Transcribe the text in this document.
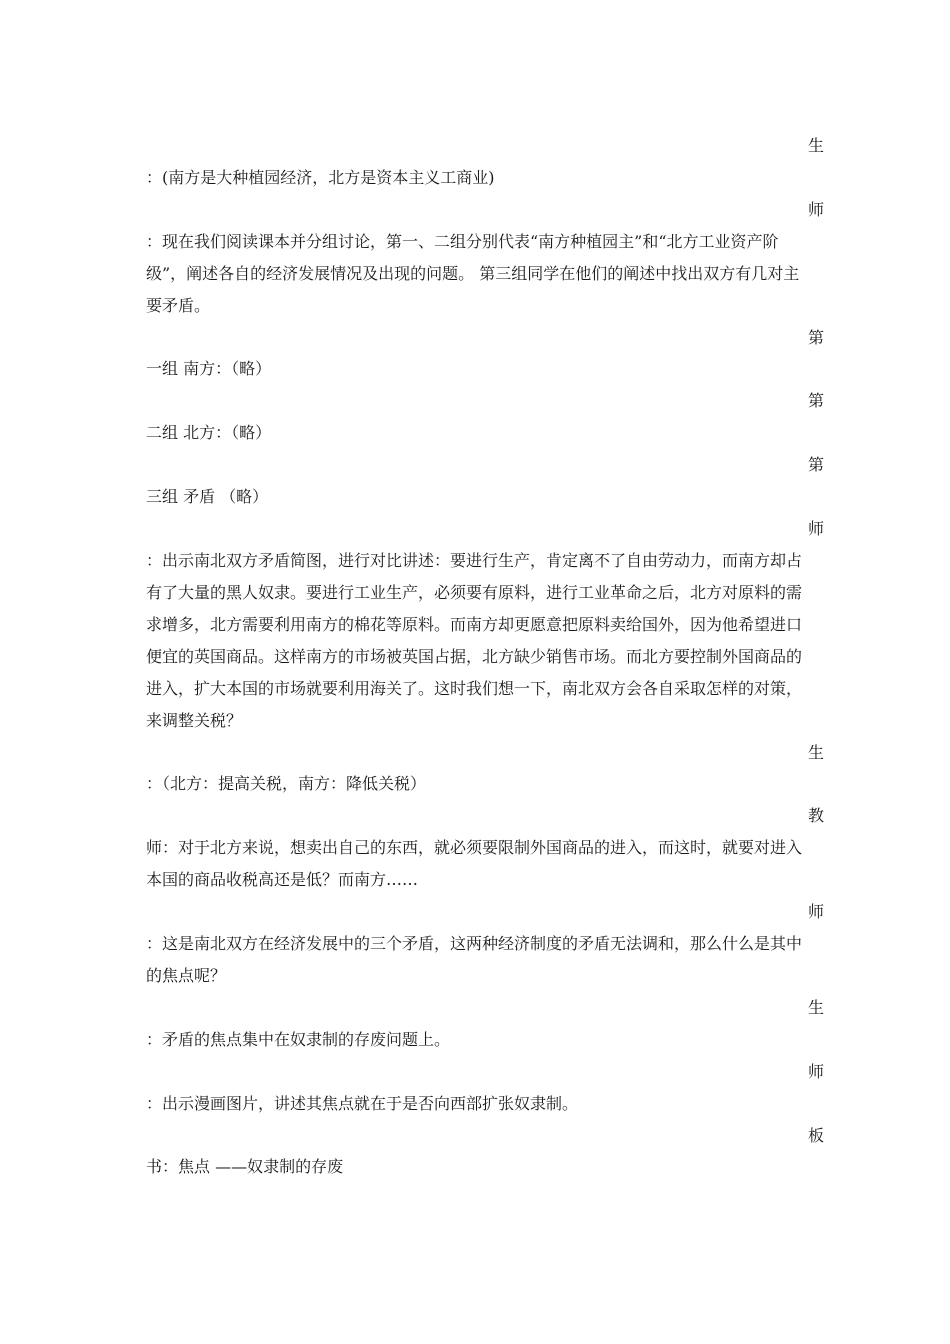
生
：(南方是大种植园经济，北方是资本主义工商业)
师
：现在我们阅读课本并分组讨论，第一、二组分别代表“南方种植园主”和“北方工业资产阶级”，阐述各自的经济发展情况及出现的问题。 第三组同学在他们的阐述中找出双方有几对主要矛盾。
第
一组 南方：（略）
第
二组 北方：（略）
第
三组 矛盾 （略）
师
：出示南北双方矛盾简图，进行对比讲述：要进行生产，肯定离不了自由劳动力，而南方却占有了大量的黑人奴隶。要进行工业生产，必须要有原料，进行工业革命之后，北方对原料的需求增多，北方需要利用南方的棉花等原料。而南方却更愿意把原料卖给国外，因为他希望进口便宜的英国商品。这样南方的市场被英国占据，北方缺少销售市场。而北方要控制外国商品的进入，扩大本国的市场就要利用海关了。这时我们想一下，南北双方会各自采取怎样的对策，来调整关税？
生
：（北方：提高关税，南方：降低关税）
教
师：对于北方来说，想卖出自己的东西，就必须要限制外国商品的进入，而这时，就要对进入本国的商品收税高还是低？而南方……
师
：这是南北双方在经济发展中的三个矛盾，这两种经济制度的矛盾无法调和，那么什么是其中的焦点呢？
生
：矛盾的焦点集中在奴隶制的存废问题上。
师
：出示漫画图片，讲述其焦点就在于是否向西部扩张奴隶制。
板
书：焦点 ——奴隶制的存废
